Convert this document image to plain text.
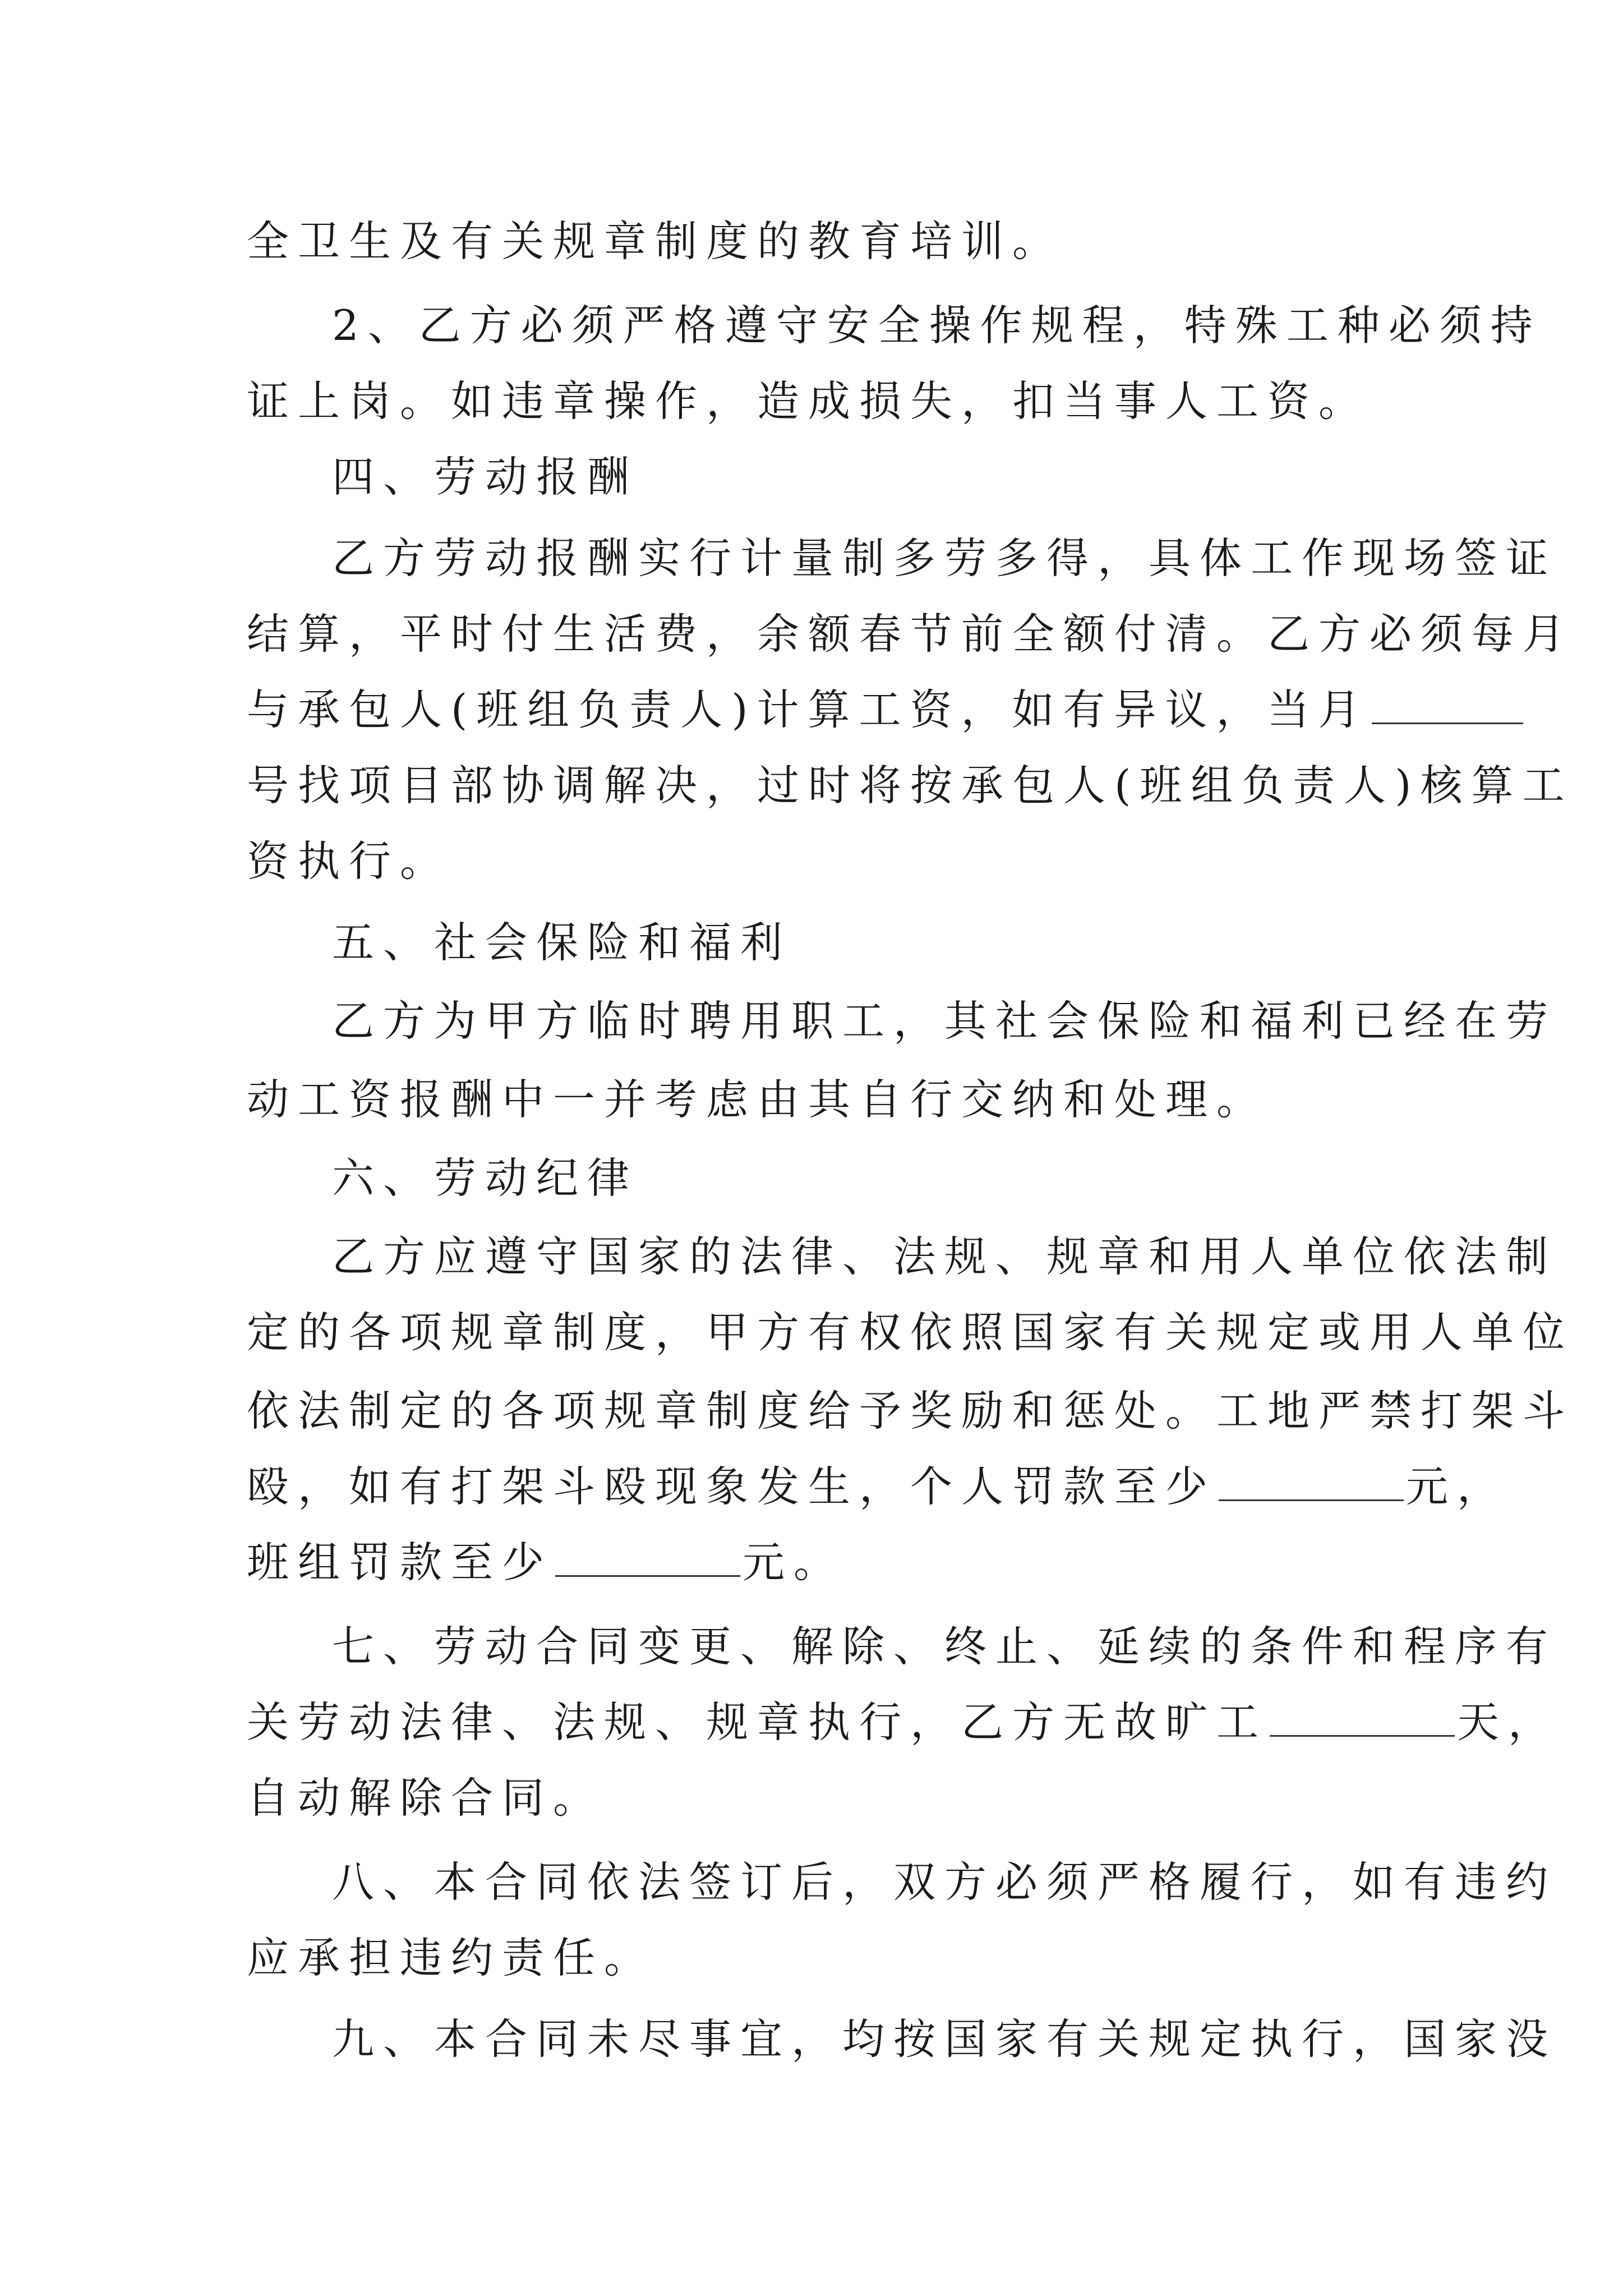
全卫生及有关规章制度的教育培训。
2、乙方必须严格遵守安全操作规程，特殊工种必须持
证上岗。如违章操作，造成损失，扣当事人工资。
四、劳动报酬
乙方劳动报酬实行计量制多劳多得，具体工作现场签证
结算，平时付生活费，余额春节前全额付清。乙方必须每月
与承包人(班组负责人)计算工资，如有异议，当月
号找项目部协调解决，过时将按承包人(班组负责人)核算工
资执行。
五、社会保险和福利
乙方为甲方临时聘用职工，其社会保险和福利已经在劳
动工资报酬中一并考虑由其自行交纳和处理。
六、劳动纪律
乙方应遵守国家的法律、法规、规章和用人单位依法制
定的各项规章制度，甲方有权依照国家有关规定或用人单位
依法制定的各项规章制度给予奖励和惩处。工地严禁打架斗
殴，如有打架斗殴现象发生，个人罚款至少	元，
班组罚款至少	元。
七、劳动合同变更、解除、终止、延续的条件和程序有
关劳动法律、法规、规章执行，乙方无故旷工	天，
自动解除合同。
八、本合同依法签订后，双方必须严格履行，如有违约
应承担违约责任。
九、本合同未尽事宜，均按国家有关规定执行，国家没
